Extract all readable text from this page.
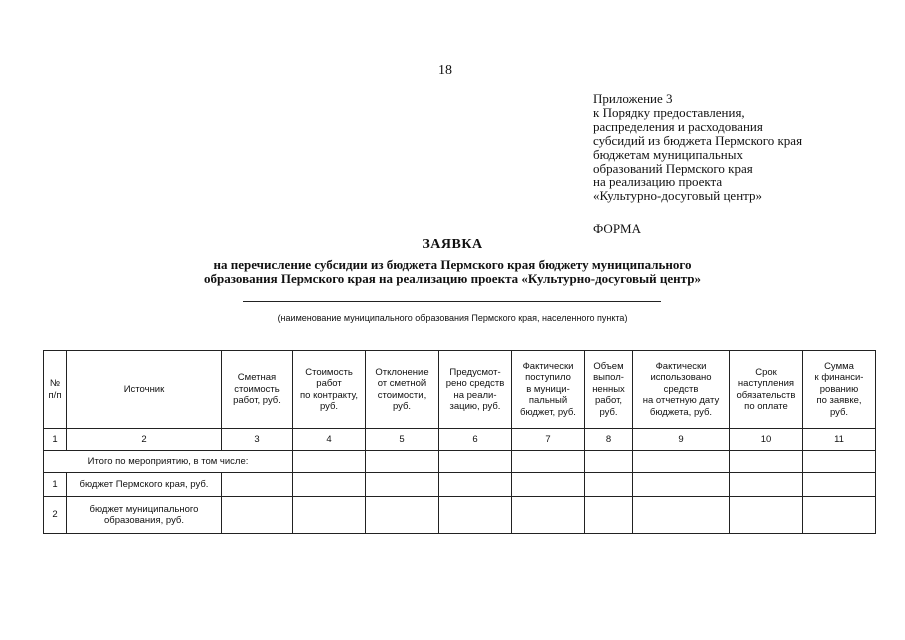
18
Приложение 3
к Порядку предоставления,
распределения и расходования
субсидий из бюджета Пермского края
бюджетам муниципальных
образований Пермского края
на реализацию проекта
«Культурно-досуговый центр»
ФОРМА
ЗАЯВКА
на перечисление субсидии из бюджета Пермского края бюджету муниципального
образования Пермского края на реализацию проекта «Культурно-досуговый центр»
(наименование муниципального образования Пермского края, населенного пункта)
№
п/п	Источник	Сметная
стоимость
работ, руб.	Стоимость
работ
по контракту,
руб.	Отклонение
от сметной
стоимости,
руб.	Предусмот-
рено средств
на реали-
зацию, руб.	Фактически
поступило
в муници-
пальный
бюджет, руб.	Объем
выпол-
ненных
работ,
руб.	Фактически
использовано
средств
на отчетную дату
бюджета, руб.	Срок
наступления
обязательств
по оплате	Сумма
к финанси-
рованию
по заявке,
руб.
1	2	3	4	5	6	7	8	9	10	11
Итого по мероприятию, в том числе:										
1	бюджет Пермского края, руб.									
2	бюджет муниципального
образования, руб.									
